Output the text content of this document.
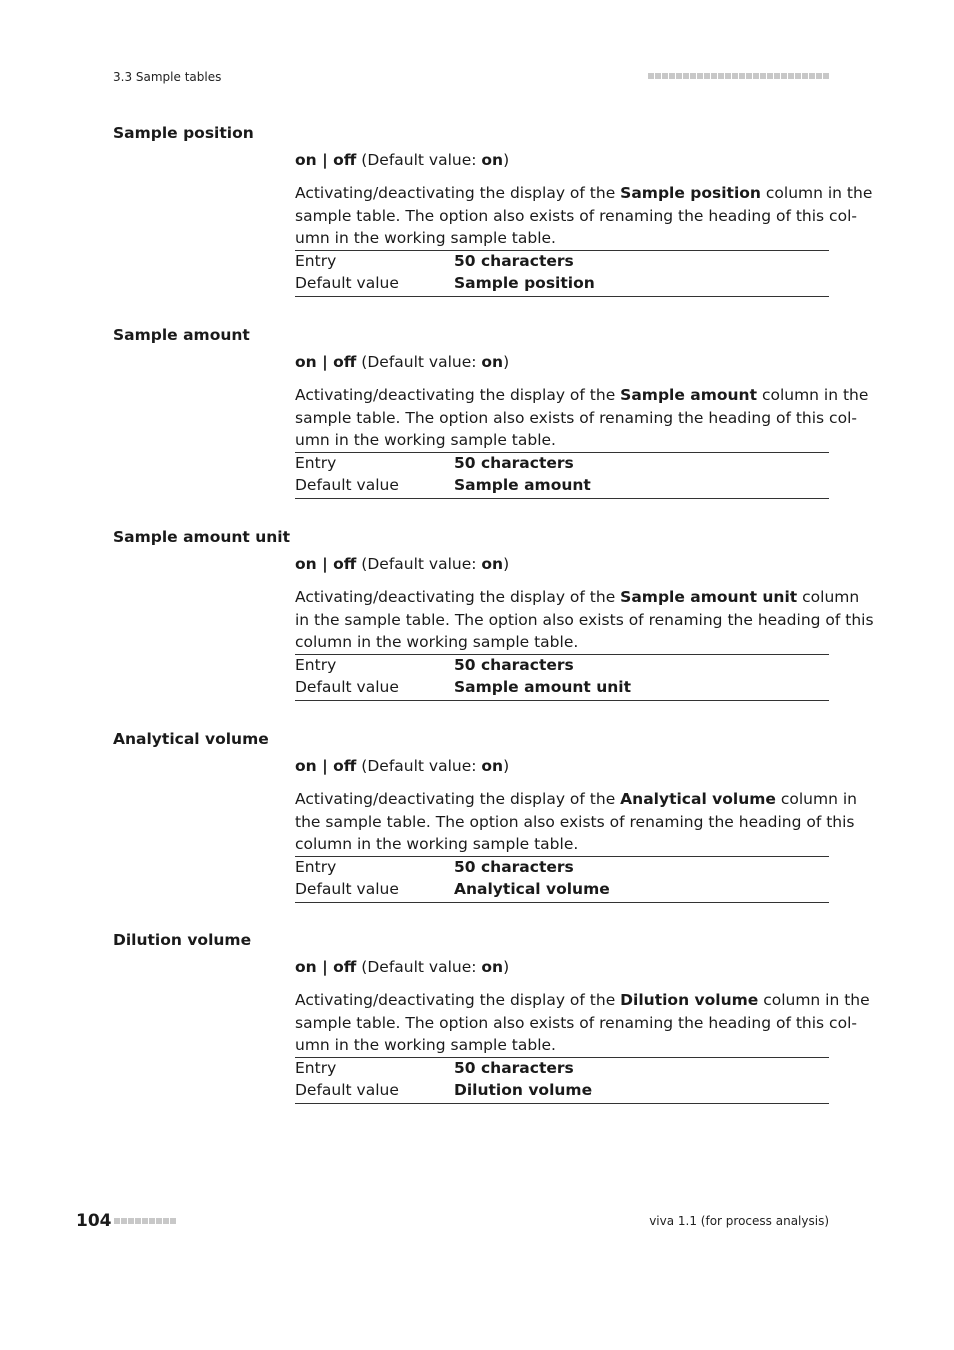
3.3 Sample tables
Sample position
on | off (Default value: on)
Activating/deactivating the display of the Sample position column in the
sample table. The option also exists of renaming the heading of this col-
umn in the working sample table.
Entry	50 characters
Default value	Sample position
Sample amount
on | off (Default value: on)
Activating/deactivating the display of the Sample amount column in the
sample table. The option also exists of renaming the heading of this col-
umn in the working sample table.
Entry	50 characters
Default value	Sample amount
Sample amount unit
on | off (Default value: on)
Activating/deactivating the display of the Sample amount unit column
in the sample table. The option also exists of renaming the heading of this
column in the working sample table.
Entry	50 characters
Default value	Sample amount unit
Analytical volume
on | off (Default value: on)
Activating/deactivating the display of the Analytical volume column in
the sample table. The option also exists of renaming the heading of this
column in the working sample table.
Entry	50 characters
Default value	Analytical volume
Dilution volume
on | off (Default value: on)
Activating/deactivating the display of the Dilution volume column in the
sample table. The option also exists of renaming the heading of this col-
umn in the working sample table.
Entry	50 characters
Default value	Dilution volume
104	viva 1.1 (for process analysis)
